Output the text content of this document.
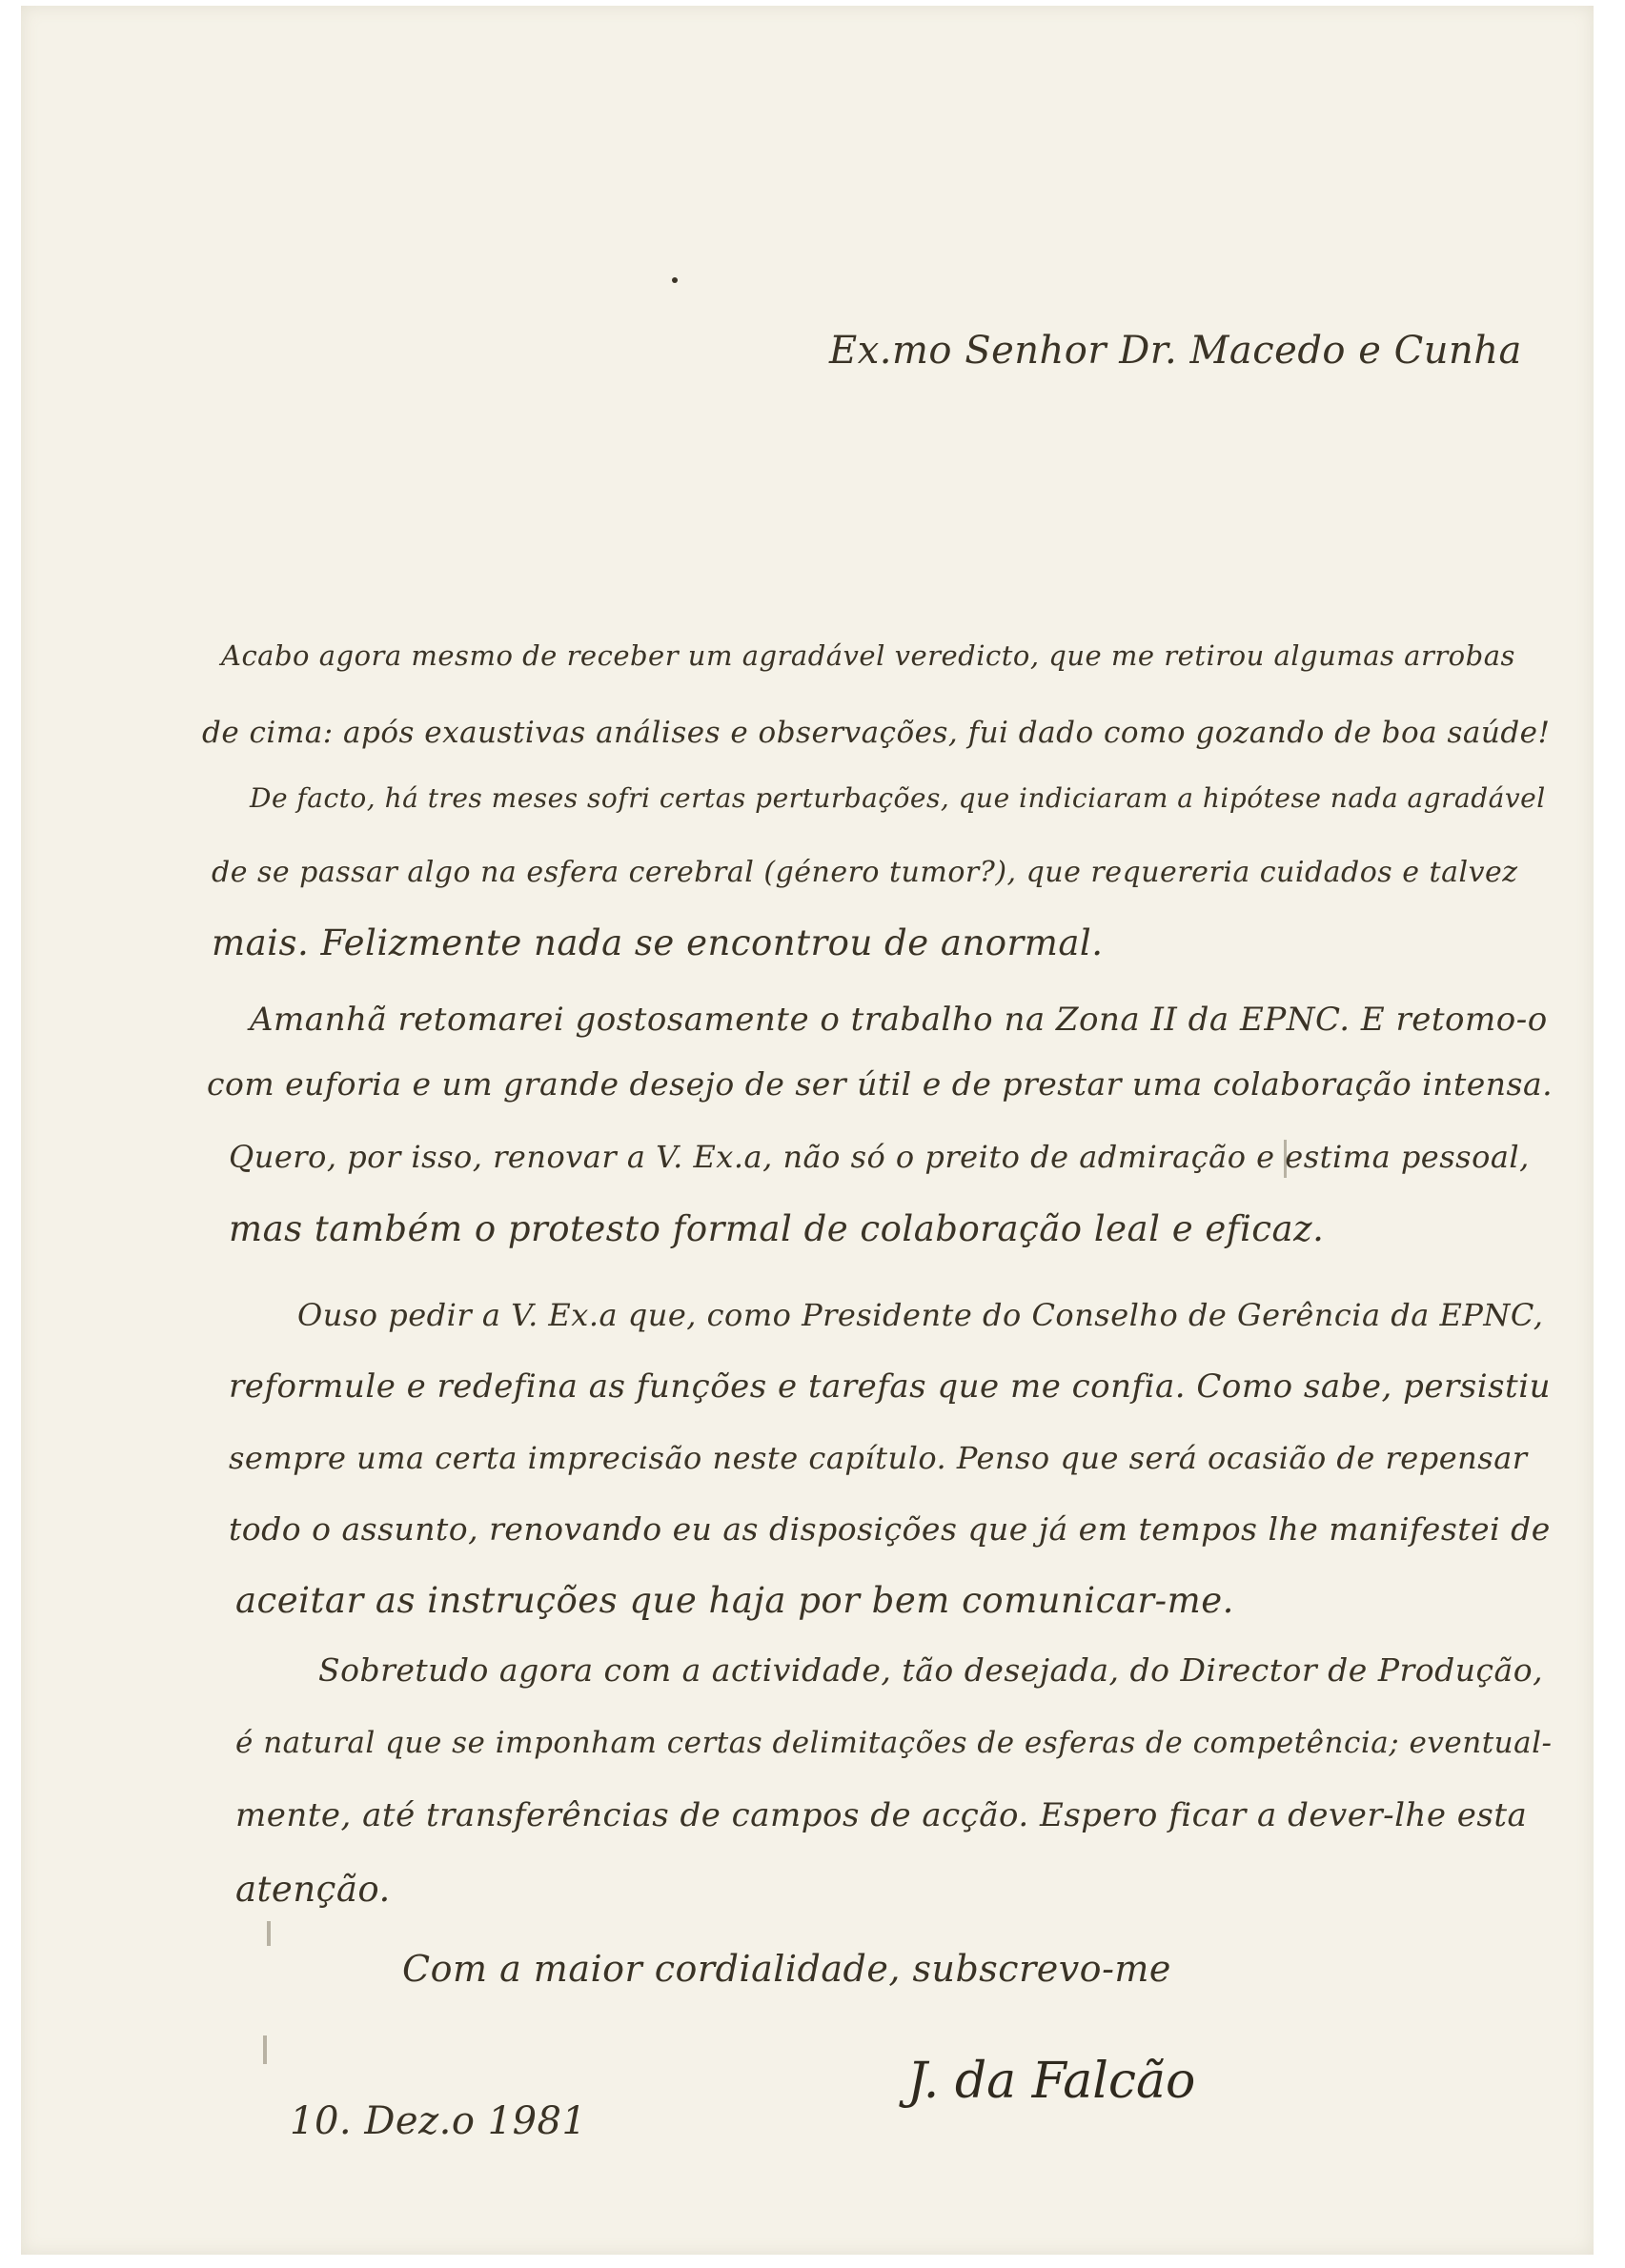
Ex.mo Senhor Dr. Macedo e Cunha
Acabo agora mesmo de receber um agradável veredicto, que me retirou algumas arrobas
de cima: após exaustivas análises e observações, fui dado como gozando de boa saúde!
De facto, há tres meses sofri certas perturbações, que indiciaram a hipótese nada agradável
de se passar algo na esfera cerebral (género tumor?), que requereria cuidados e talvez
mais. Felizmente nada se encontrou de anormal.
Amanhã retomarei gostosamente o trabalho na Zona II da EPNC. E retomo-o
com euforia e um grande desejo de ser útil e de prestar uma colaboração intensa.
Quero, por isso, renovar a V. Ex.a, não só o preito de admiração e estima pessoal,
mas também o protesto formal de colaboração leal e eficaz.
Ouso pedir a V. Ex.a que, como Presidente do Conselho de Gerência da EPNC,
reformule e redefina as funções e tarefas que me confia. Como sabe, persistiu
sempre uma certa imprecisão neste capítulo. Penso que será ocasião de repensar
todo o assunto, renovando eu as disposições que já em tempos lhe manifestei de
aceitar as instruções que haja por bem comunicar-me.
Sobretudo agora com a actividade, tão desejada, do Director de Produção,
é natural que se imponham certas delimitações de esferas de competência; eventual-
mente, até transferências de campos de acção. Espero ficar a dever-lhe esta
atenção.
Com a maior cordialidade, subscrevo-me
J. da Falcão
10. Dez.o 1981
